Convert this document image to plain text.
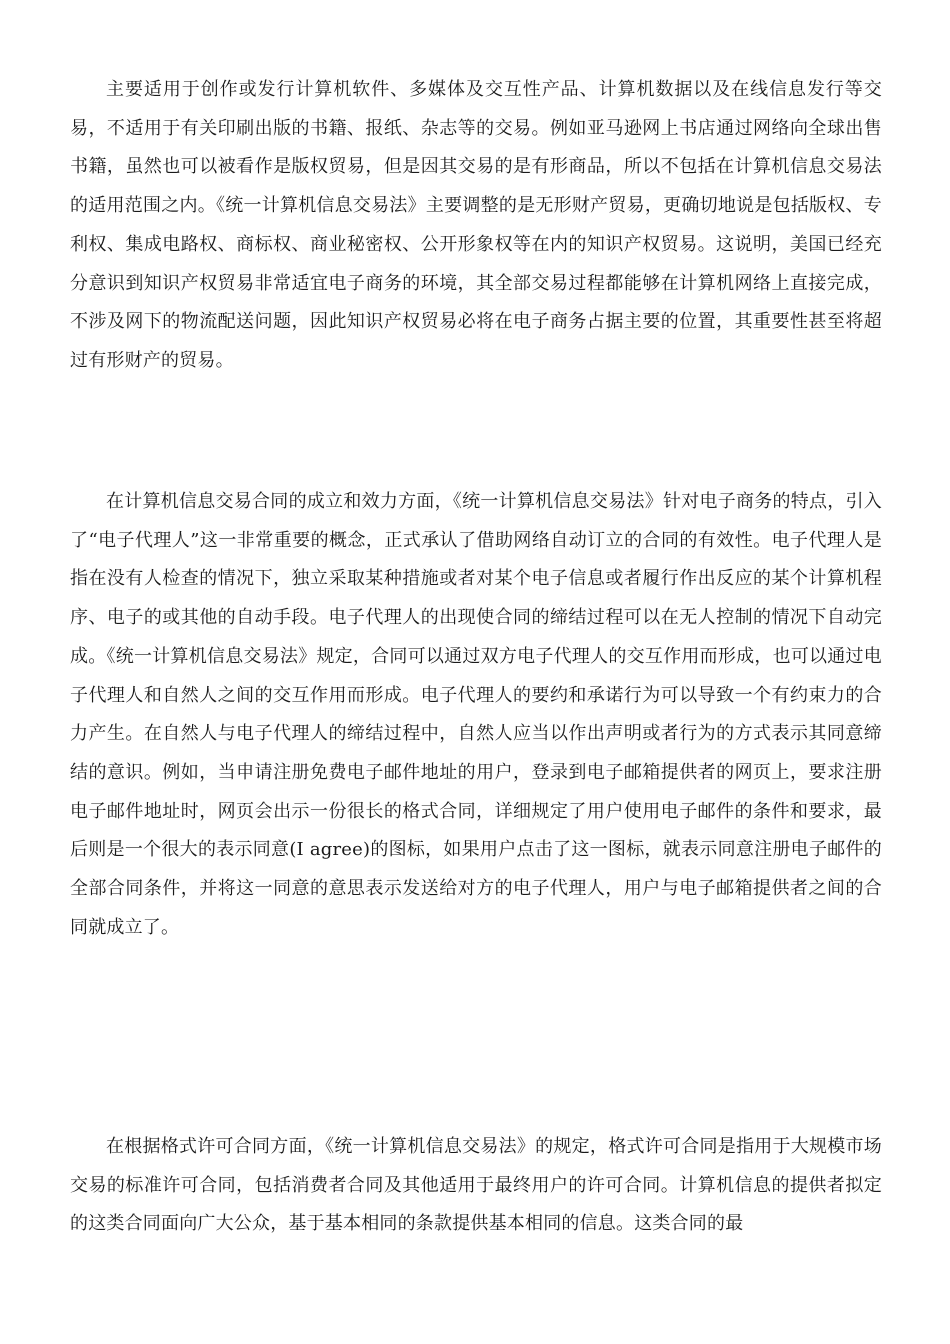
主要适用于创作或发行计算机软件、多媒体及交互性产品、计算机数据以及在线信息发行等交易，不适用于有关印刷出版的书籍、报纸、杂志等的交易。例如亚马逊网上书店通过网络向全球出售书籍，虽然也可以被看作是版权贸易，但是因其交易的是有形商品，所以不包括在计算机信息交易法的适用范围之内。《统一计算机信息交易法》主要调整的是无形财产贸易，更确切地说是包括版权、专利权、集成电路权、商标权、商业秘密权、公开形象权等在内的知识产权贸易。这说明，美国已经充分意识到知识产权贸易非常适宜电子商务的环境，其全部交易过程都能够在计算机网络上直接完成，不涉及网下的物流配送问题，因此知识产权贸易必将在电子商务占据主要的位置，其重要性甚至将超过有形财产的贸易。

在计算机信息交易合同的成立和效力方面，《统一计算机信息交易法》针对电子商务的特点，引入了“电子代理人”这一非常重要的概念，正式承认了借助网络自动订立的合同的有效性。电子代理人是指在没有人检查的情况下，独立采取某种措施或者对某个电子信息或者履行作出反应的某个计算机程序、电子的或其他的自动手段。电子代理人的出现使合同的缔结过程可以在无人控制的情况下自动完成。《统一计算机信息交易法》规定，合同可以通过双方电子代理人的交互作用而形成，也可以通过电子代理人和自然人之间的交互作用而形成。电子代理人的要约和承诺行为可以导致一个有约束力的合力产生。在自然人与电子代理人的缔结过程中，自然人应当以作出声明或者行为的方式表示其同意缔结的意识。例如，当申请注册免费电子邮件地址的用户，登录到电子邮箱提供者的网页上，要求注册电子邮件地址时，网页会出示一份很长的格式合同，详细规定了用户使用电子邮件的条件和要求，最后则是一个很大的表示同意(I agree)的图标，如果用户点击了这一图标，就表示同意注册电子邮件的全部合同条件，并将这一同意的意思表示发送给对方的电子代理人，用户与电子邮箱提供者之间的合同就成立了。

在根据格式许可合同方面，《统一计算机信息交易法》的规定，格式许可合同是指用于大规模市场交易的标准许可合同，包括消费者合同及其他适用于最终用户的许可合同。计算机信息的提供者拟定的这类合同面向广大公众，基于基本相同的条款提供基本相同的信息。这类合同的最
